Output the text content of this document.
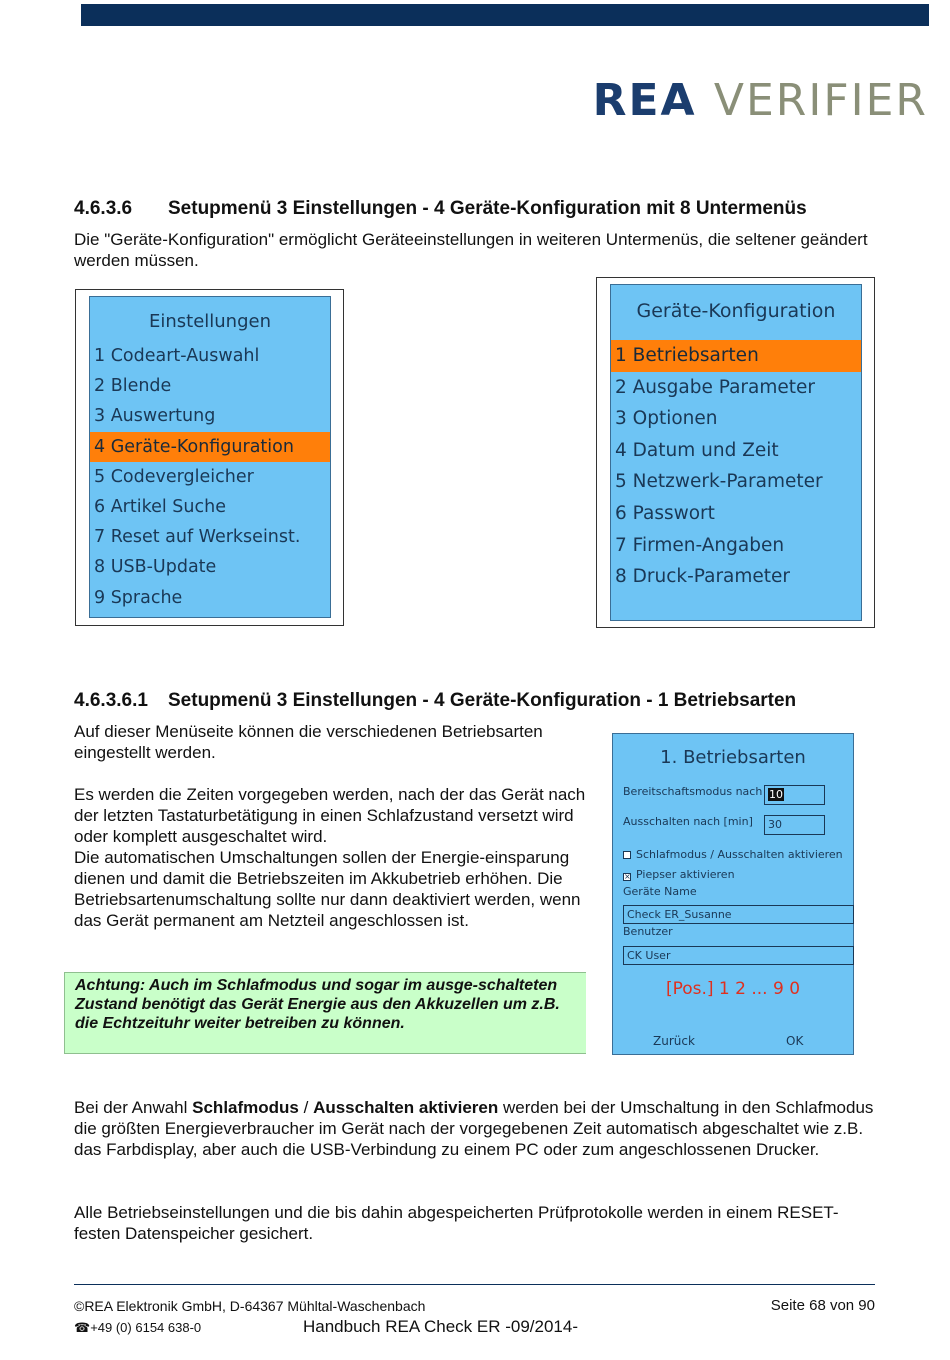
REA VERIFIER
4.6.3.6 Setupmenü 3 Einstellungen - 4 Geräte-Konfiguration mit 8 Untermenüs
Die "Geräte-Konfiguration" ermöglicht Geräteeinstellungen in weiteren Untermenüs, die seltener geändert werden müssen.
Einstellungen
1 Codeart-Auswahl
2 Blende
3 Auswertung
4 Geräte-Konfiguration
5 Codevergleicher
6 Artikel Suche
7 Reset auf Werkseinst.
8 USB-Update
9 Sprache
Geräte-Konfiguration
1 Betriebsarten
2 Ausgabe Parameter
3 Optionen
4 Datum und Zeit
5 Netzwerk-Parameter
6 Passwort
7 Firmen-Angaben
8 Druck-Parameter
4.6.3.6.1 Setupmenü 3 Einstellungen - 4 Geräte-Konfiguration - 1 Betriebsarten
Auf dieser Menüseite können die verschiedenen Betriebsarten eingestellt werden.
Es werden die Zeiten vorgegeben werden, nach der das Gerät nach der letzten Tastaturbetätigung in einen Schlafzustand versetzt wird oder komplett ausgeschaltet wird.
Die automatischen Umschaltungen sollen der Energie-einsparung dienen und damit die Betriebszeiten im Akkubetrieb erhöhen. Die Betriebsartenumschaltung sollte nur dann deaktiviert werden, wenn das Gerät permanent am Netzteil angeschlossen ist.
Achtung: Auch im Schlafmodus und sogar im ausge-schalteten Zustand benötigt das Gerät Energie aus den Akkuzellen um z.B. die Echtzeituhr weiter betreiben zu können.
1. Betriebsarten
Bereitschaftsmodus nach 10
Ausschalten nach [min]	30
Schlafmodus / Ausschalten aktivieren
× Piepser aktivieren
Geräte Name
Check ER_Susanne
Benutzer
CK User
[Pos.] 1 2 ... 9 0
Zurück	OK
Bei der Anwahl Schlafmodus / Ausschalten aktivieren werden bei der Umschaltung in den Schlafmodus die größten Energieverbraucher im Gerät nach der vorgegebenen Zeit automatisch abgeschaltet wie z.B. das Farbdisplay, aber auch die USB-Verbindung zu einem PC oder zum angeschlossenen Drucker.
Alle Betriebseinstellungen und die bis dahin abgespeicherten Prüfprotokolle werden in einem RESET-festen Datenspeicher gesichert.
©REA Elektronik GmbH, D-64367 Mühltal-Waschenbach	Seite 68 von 90
☎+49 (0) 6154 638-0	Handbuch REA Check ER -09/2014-
